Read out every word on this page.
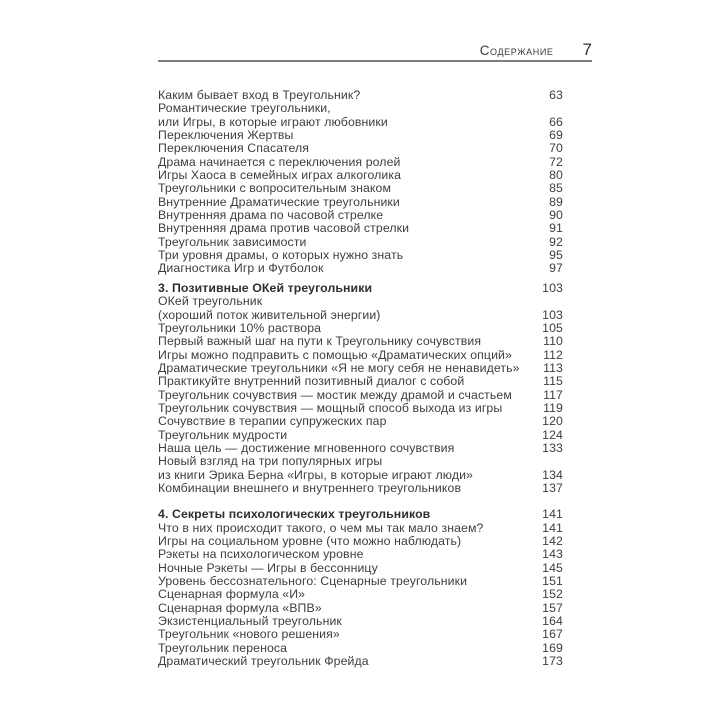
Содержание 7
Каким бывает вход в Треугольник?	63
Романтические треугольники,
или Игры, в которые играют любовники	66
Переключения Жертвы	69
Переключения Спасателя	70
Драма начинается с переключения ролей	72
Игры Хаоса в семейных играх алкоголика	80
Треугольники с вопросительным знаком	85
Внутренние Драматические треугольники	89
Внутренняя драма по часовой стрелке	90
Внутренняя драма против часовой стрелки	91
Треугольник зависимости	92
Три уровня драмы, о которых нужно знать	95
Диагностика Игр и Футболок	97
3. Позитивные ОКей треугольники	103
ОКей треугольник
(хороший поток живительной энергии)	103
Треугольники 10% раствора	105
Первый важный шаг на пути к Треугольнику сочувствия	110
Игры можно подправить с помощью «Драматических опций»	112
Драматические треугольники «Я не могу себя не ненавидеть»	113
Практикуйте внутренний позитивный диалог с собой	115
Треугольник сочувствия — мостик между драмой и счастьем	117
Треугольник сочувствия — мощный способ выхода из игры	119
Сочувствие в терапии супружеских пар	120
Треугольник мудрости	124
Наша цель — достижение мгновенного сочувствия	133
Новый взгляд на три популярных игры
из книги Эрика Берна «Игры, в которые играют люди»	134
Комбинации внешнего и внутреннего треугольников	137
4. Секреты психологических треугольников	141
Что в них происходит такого, о чем мы так мало знаем?	141
Игры на социальном уровне (что можно наблюдать)	142
Рэкеты на психологическом уровне	143
Ночные Рэкеты — Игры в бессонницу	145
Уровень бессознательного: Сценарные треугольники	151
Сценарная формула «И»	152
Сценарная формула «ВПВ»	157
Экзистенциальный треугольник	164
Треугольник «нового решения»	167
Треугольник переноса	169
Драматический треугольник Фрейда	173
